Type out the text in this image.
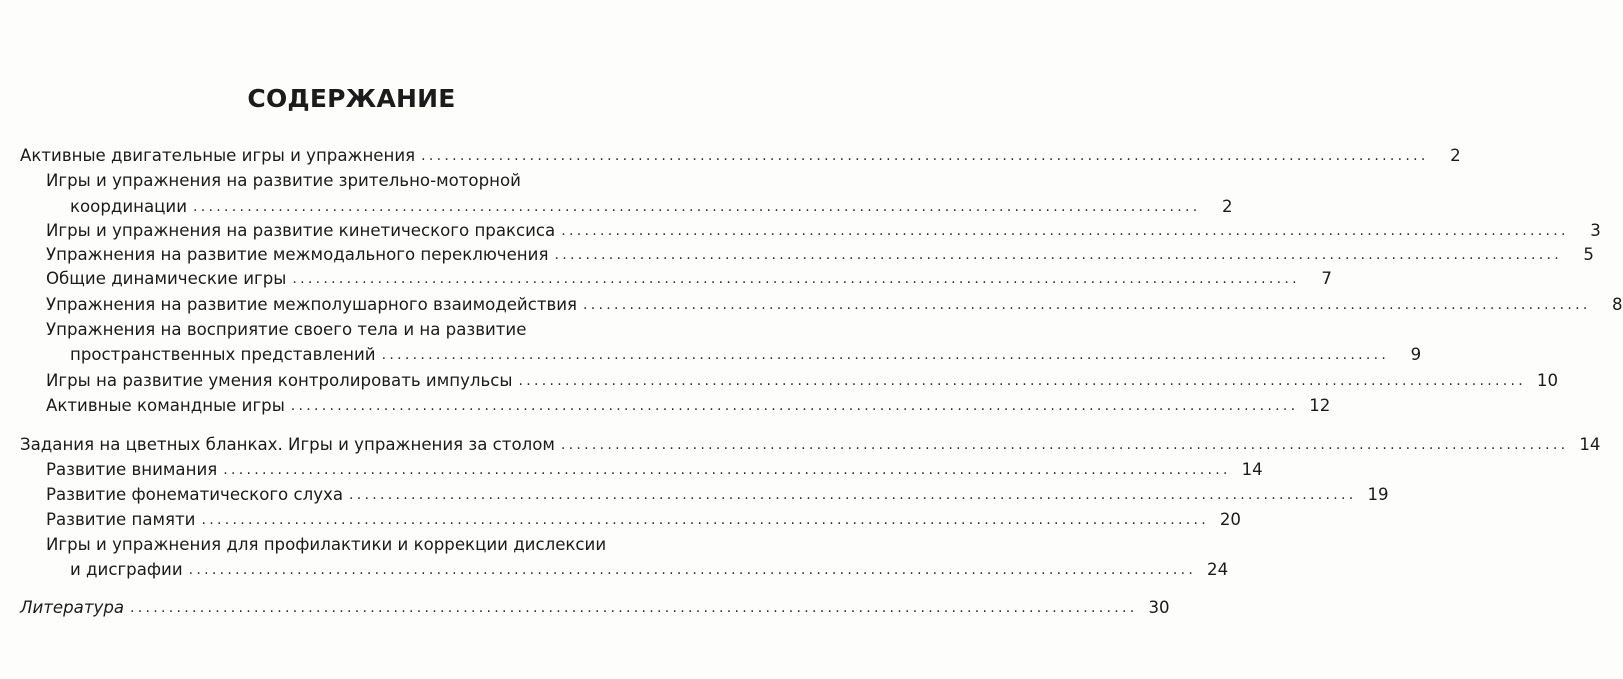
СОДЕРЖАНИЕ
Активные двигательные игры и упражнения ..................................................................................................................................	2
Игры и упражнения на развитие зрительно-моторной
координации ..................................................................................................................................	2
Игры и упражнения на развитие кинетического праксиса ..................................................................................................................................	3
Упражнения на развитие межмодального переключения ..................................................................................................................................	5
Общие динамические игры ..................................................................................................................................	7
Упражнения на развитие межполушарного взаимодействия ..................................................................................................................................	8
Упражнения на восприятие своего тела и на развитие
пространственных представлений ..................................................................................................................................	9
Игры на развитие умения контролировать импульсы .................................................................................................................................. 10
Активные командные игры .................................................................................................................................. 12
Задания на цветных бланках. Игры и упражнения за столом .................................................................................................................................. 14
Развитие внимания .................................................................................................................................. 14
Развитие фонематического слуха .................................................................................................................................. 19
Развитие памяти .................................................................................................................................. 20
Игры и упражнения для профилактики и коррекции дислексии
и дисграфии .................................................................................................................................. 24
Литература .................................................................................................................................. 30
